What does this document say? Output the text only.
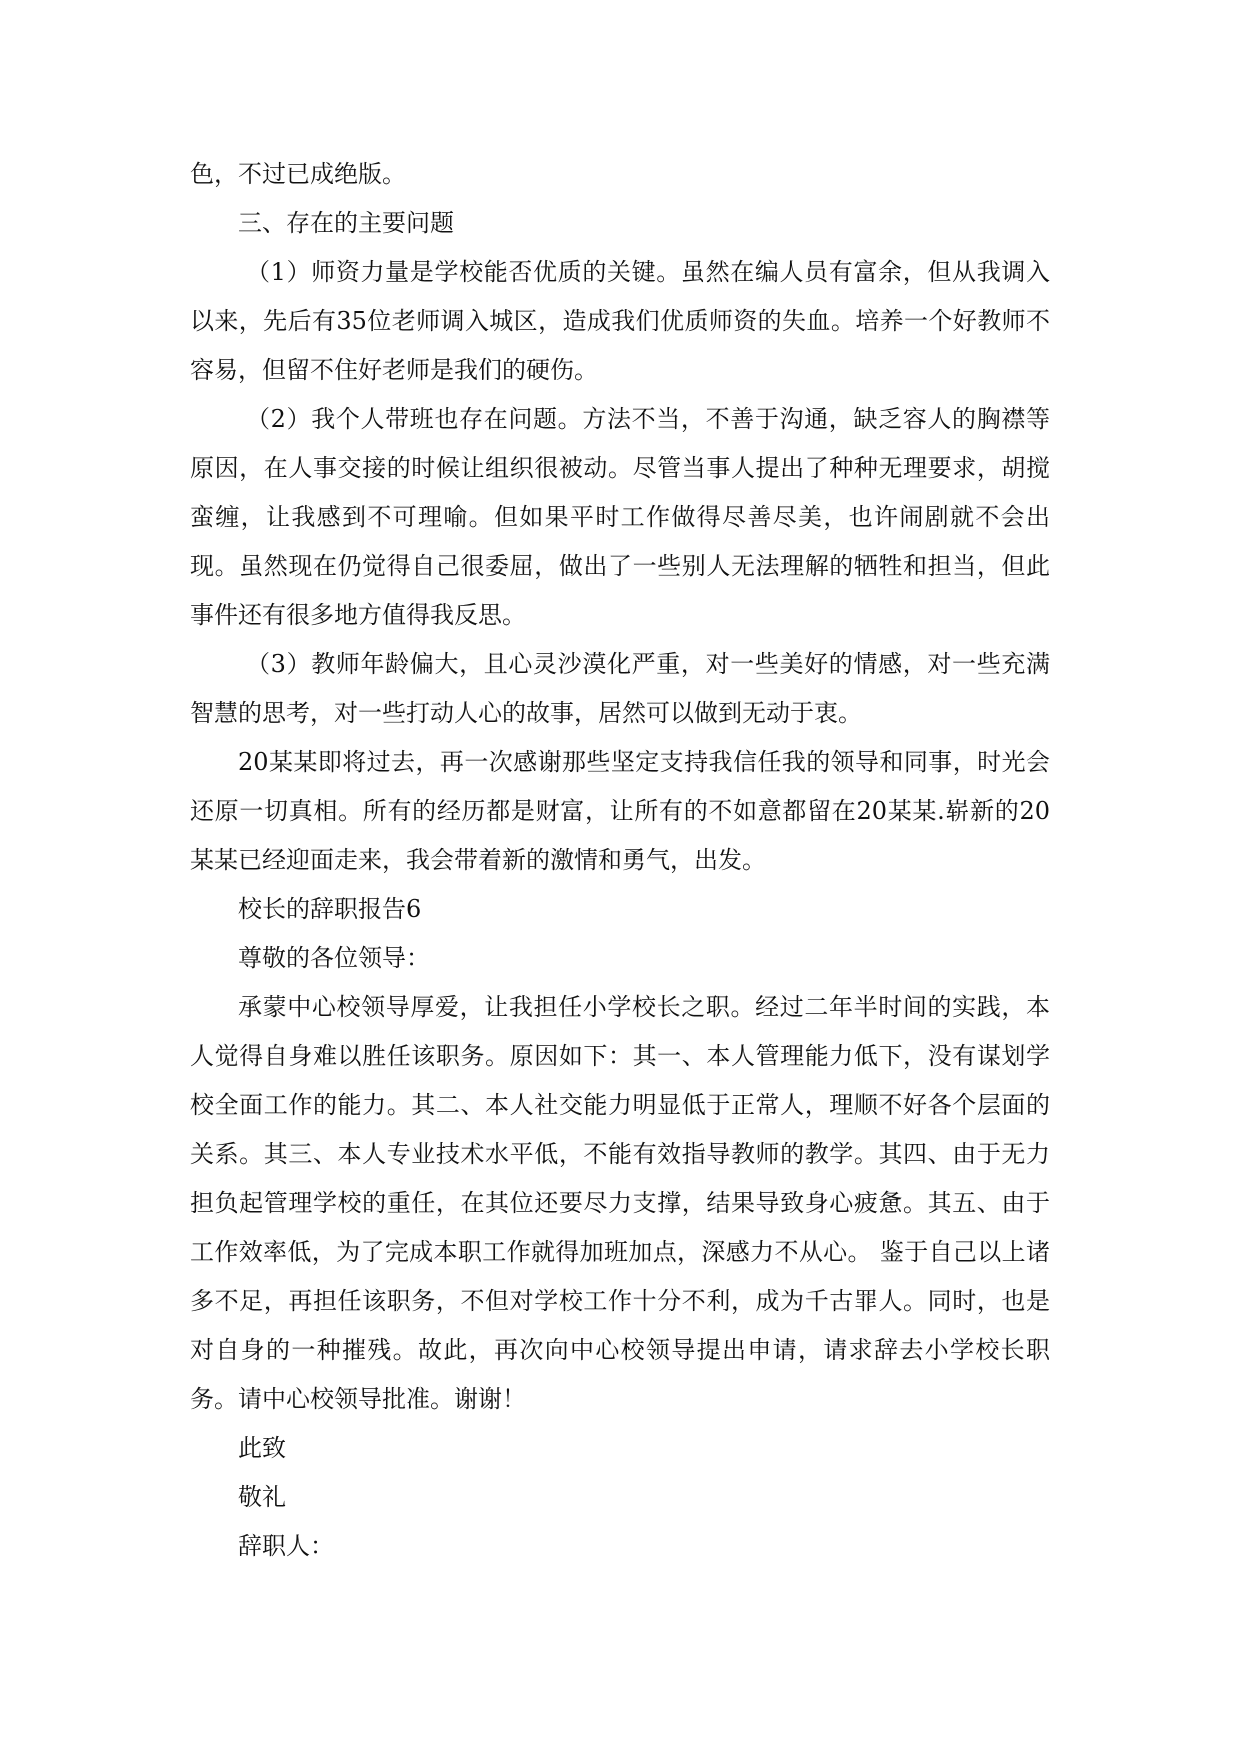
色，不过已成绝版。

三、存在的主要问题

（1）师资力量是学校能否优质的关键。虽然在编人员有富余，但从我调入以来，先后有35位老师调入城区，造成我们优质师资的失血。培养一个好教师不容易，但留不住好老师是我们的硬伤。

（2）我个人带班也存在问题。方法不当，不善于沟通，缺乏容人的胸襟等原因，在人事交接的时候让组织很被动。尽管当事人提出了种种无理要求，胡搅蛮缠，让我感到不可理喻。但如果平时工作做得尽善尽美，也许闹剧就不会出现。虽然现在仍觉得自己很委屈，做出了一些别人无法理解的牺牲和担当，但此事件还有很多地方值得我反思。

（3）教师年龄偏大，且心灵沙漠化严重，对一些美好的情感，对一些充满智慧的思考，对一些打动人心的故事，居然可以做到无动于衷。

20某某即将过去，再一次感谢那些坚定支持我信任我的领导和同事，时光会还原一切真相。所有的经历都是财富，让所有的不如意都留在20某某.崭新的20某某已经迎面走来，我会带着新的激情和勇气，出发。

校长的辞职报告6

尊敬的各位领导：

承蒙中心校领导厚爱，让我担任小学校长之职。经过二年半时间的实践，本人觉得自身难以胜任该职务。原因如下：其一、本人管理能力低下，没有谋划学校全面工作的能力。其二、本人社交能力明显低于正常人，理顺不好各个层面的关系。其三、本人专业技术水平低，不能有效指导教师的教学。其四、由于无力担负起管理学校的重任，在其位还要尽力支撑，结果导致身心疲惫。其五、由于工作效率低，为了完成本职工作就得加班加点，深感力不从心。 鉴于自己以上诸多不足，再担任该职务，不但对学校工作十分不利，成为千古罪人。同时，也是对自身的一种摧残。故此，再次向中心校领导提出申请，请求辞去小学校长职务。请中心校领导批准。谢谢！

此致

敬礼

辞职人：
